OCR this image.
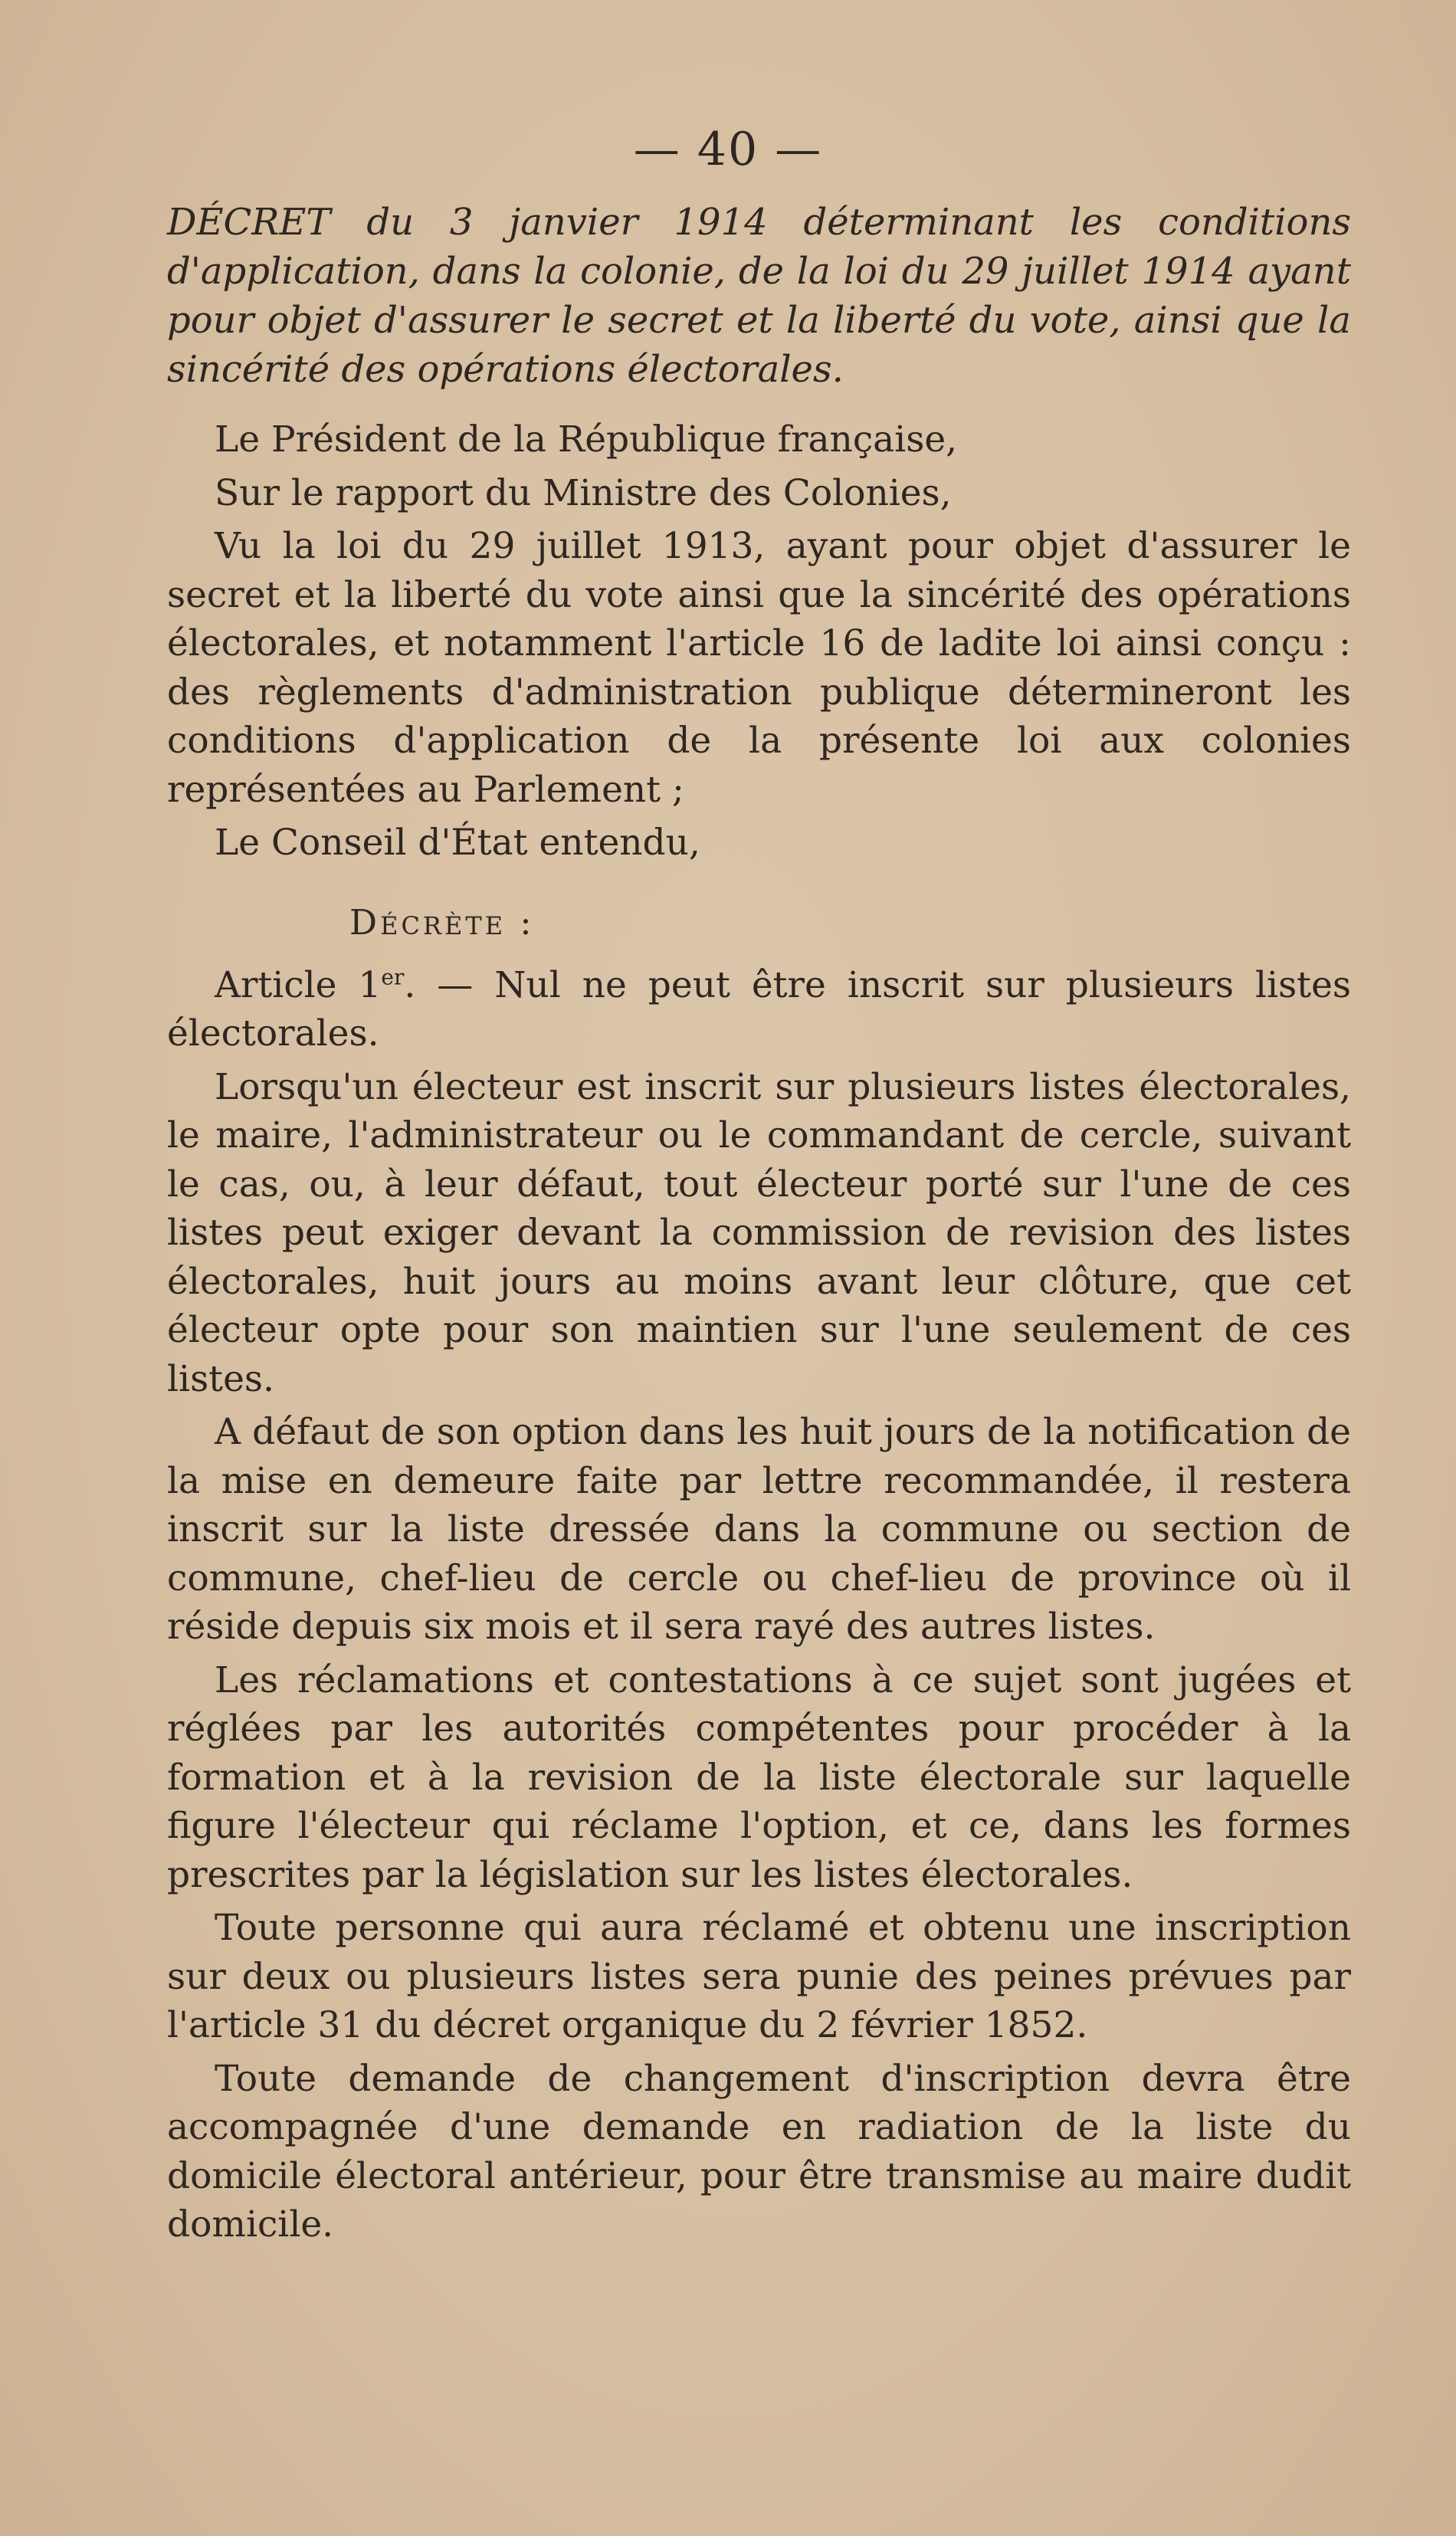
— 40 —

DÉCRET du 3 janvier 1914 déterminant les conditions d'application, dans la colonie, de la loi du 29 juillet 1914 ayant pour objet d'assurer le secret et la liberté du vote, ainsi que la sincérité des opérations électorales.

Le Président de la République française,

Sur le rapport du Ministre des Colonies,

Vu la loi du 29 juillet 1913, ayant pour objet d'assurer le secret et la liberté du vote ainsi que la sincérité des opérations électorales, et notamment l'article 16 de ladite loi ainsi conçu : des règlements d'administration publique détermineront les conditions d'application de la présente loi aux colonies représentées au Parlement ;

Le Conseil d'État entendu,

Décrète :

Article 1er. — Nul ne peut être inscrit sur plusieurs listes électorales.

Lorsqu'un électeur est inscrit sur plusieurs listes électorales, le maire, l'administrateur ou le commandant de cercle, suivant le cas, ou, à leur défaut, tout électeur porté sur l'une de ces listes peut exiger devant la commission de revision des listes électorales, huit jours au moins avant leur clôture, que cet électeur opte pour son maintien sur l'une seulement de ces listes.

A défaut de son option dans les huit jours de la notification de la mise en demeure faite par lettre recommandée, il restera inscrit sur la liste dressée dans la commune ou section de commune, chef-lieu de cercle ou chef-lieu de province où il réside depuis six mois et il sera rayé des autres listes.

Les réclamations et contestations à ce sujet sont jugées et réglées par les autorités compétentes pour procéder à la formation et à la revision de la liste électorale sur laquelle figure l'électeur qui réclame l'option, et ce, dans les formes prescrites par la législation sur les listes électorales.

Toute personne qui aura réclamé et obtenu une inscription sur deux ou plusieurs listes sera punie des peines prévues par l'article 31 du décret organique du 2 février 1852.

Toute demande de changement d'inscription devra être accompagnée d'une demande en radiation de la liste du domicile électoral antérieur, pour être transmise au maire dudit domicile.
